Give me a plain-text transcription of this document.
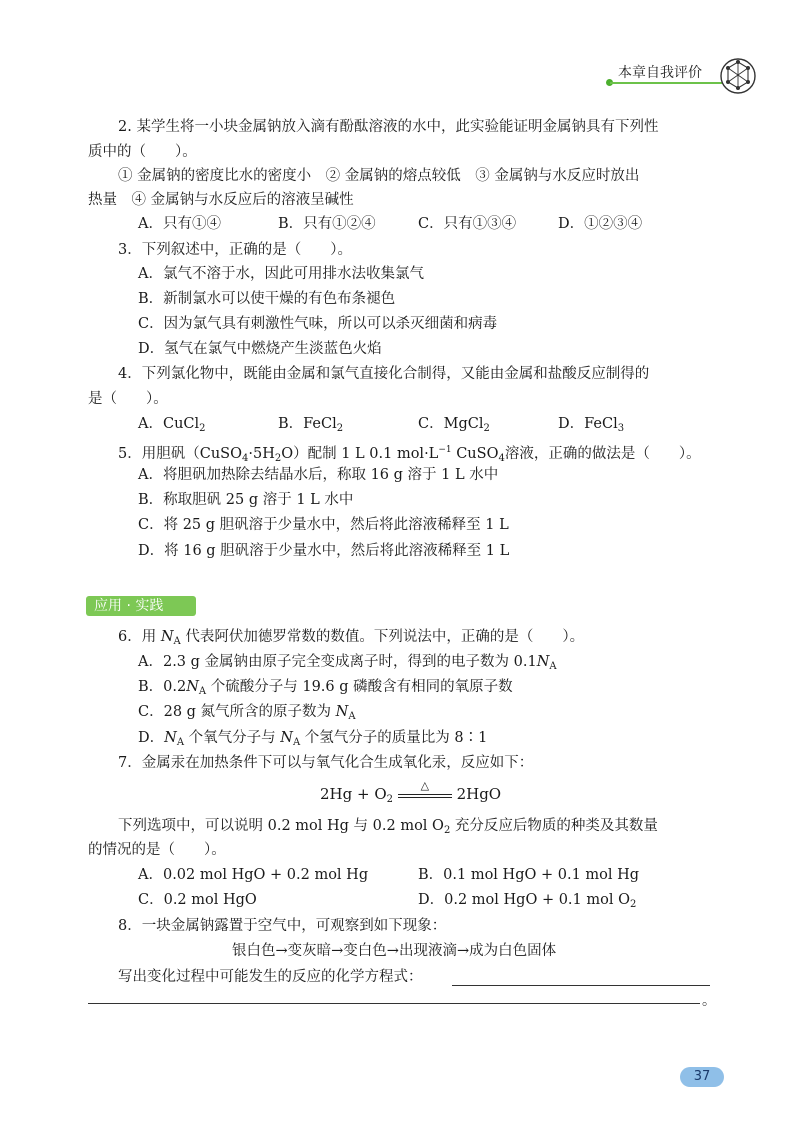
本章自我评价
2. 某学生将一小块金属钠放入滴有酚酞溶液的水中，此实验能证明金属钠具有下列性
质中的（　　）。
① 金属钠的密度比水的密度小　② 金属钠的熔点较低　③ 金属钠与水反应时放出
热量　④ 金属钠与水反应后的溶液呈碱性
A．只有①④	B．只有①②④	C．只有①③④	D．①②③④
3．下列叙述中，正确的是（　　）。
A．氯气不溶于水，因此可用排水法收集氯气
B．新制氯水可以使干燥的有色布条褪色
C．因为氯气具有刺激性气味，所以可以杀灭细菌和病毒
D．氢气在氯气中燃烧产生淡蓝色火焰
4．下列氯化物中，既能由金属和氯气直接化合制得，又能由金属和盐酸反应制得的
是（　　）。
A．CuCl$_2$	B．FeCl$_2$	C．MgCl$_2$	D．FeCl$_3$
5．用胆矾$(CuSO_4\cdot 5H_2O)$配制 1 L 0.1 $mol\cdot L^{-1}$ CuSO$_4$溶液，正确的做法是（　　）。
A．将胆矾加热除去结晶水后，称取 16 g 溶于 1 L 水中
B．称取胆矾 25 g 溶于 1 L 水中
C．将 25 g 胆矾溶于少量水中，然后将此溶液稀释至 1 L
D．将 16 g 胆矾溶于少量水中，然后将此溶液稀释至 1 L
应用 · 实践
6．用 $N_A$ 代表阿伏加德罗常数的数值。下列说法中，正确的是（　　）。
A．2.3 g 金属钠由原子完全变成离子时，得到的电子数为 $0.1N_A$
B．$0.2N_A$ 个硫酸分子与 19.6 g 磷酸含有相同的氧原子数
C．28 g 氮气所含的原子数为 $N_A$
D．$N_A$ 个氧气分子与 $N_A$ 个氢气分子的质量比为 8∶1
7．金属汞在加热条件下可以与氧气化合生成氧化汞，反应如下：
$2Hg + O_2$
△	2HgO
下列选项中，可以说明 0.2 mol Hg 与 0.2 mol $O_2$ 充分反应后物质的种类及其数量
的情况的是（　　）。
A．0.02 mol HgO + 0.2 mol Hg	B．0.1 mol HgO + 0.1 mol Hg
C．0.2 mol HgO	D．0.2 mol HgO + 0.1 mol $O_2$
8．一块金属钠露置于空气中，可观察到如下现象：
银白色→变灰暗→变白色→出现液滴→成为白色固体
写出变化过程中可能发生的反应的化学方程式：
。
37
